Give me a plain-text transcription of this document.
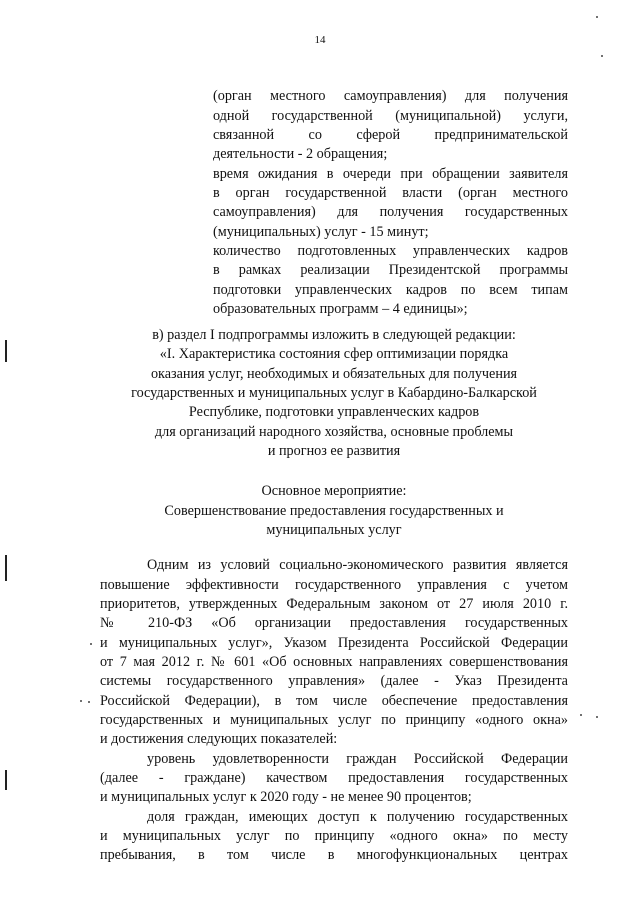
14
(орган местного самоуправления) для получения
одной государственной (муниципальной) услуги,
связанной со сферой предпринимательской
деятельности - 2 обращения;
время ожидания в очереди при обращении заявителя
в орган государственной власти (орган местного
самоуправления) для получения государственных
(муниципальных) услуг - 15 минут;
количество подготовленных управленческих кадров
в рамках реализации Президентской программы
подготовки управленческих кадров по всем типам
образовательных программ – 4 единицы»;
в) раздел I подпрограммы изложить в следующей редакции:
«I. Характеристика состояния сфер оптимизации порядка
оказания услуг, необходимых и обязательных для получения
государственных и муниципальных услуг в Кабардино-Балкарской
Республике, подготовки управленческих кадров
для организаций народного хозяйства, основные проблемы
и прогноз ее развития
Основное мероприятие:
Совершенствование предоставления государственных и
муниципальных услуг
Одним из условий социально-экономического развития является
повышение эффективности государственного управления с учетом
приоритетов, утвержденных Федеральным законом от 27 июля 2010 г.
№ 210-ФЗ «Об организации предоставления государственных
и муниципальных услуг», Указом Президента Российской Федерации
от 7 мая 2012 г. № 601 «Об основных направлениях совершенствования
системы государственного управления» (далее - Указ Президента
Российской Федерации), в том числе обеспечение предоставления
государственных и муниципальных услуг по принципу «одного окна»
и достижения следующих показателей:
уровень удовлетворенности граждан Российской Федерации
(далее - граждане) качеством предоставления государственных
и муниципальных услуг к 2020 году - не менее 90 процентов;
доля граждан, имеющих доступ к получению государственных
и муниципальных услуг по принципу «одного окна» по месту
пребывания, в том числе в многофункциональных центрах
